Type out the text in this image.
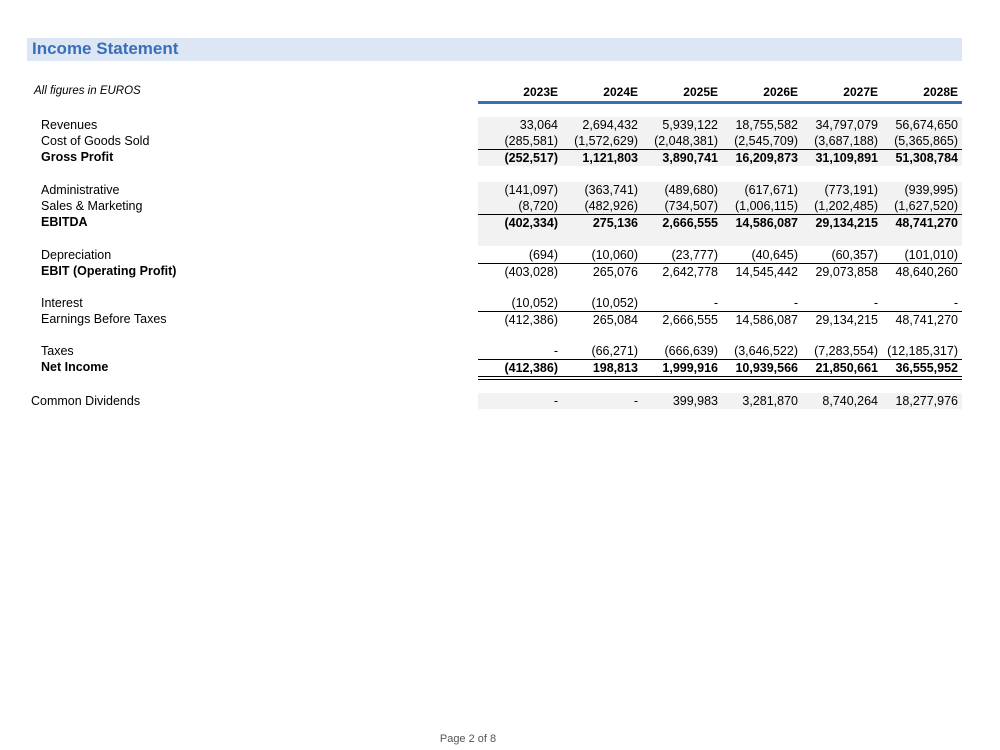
Income Statement
All figures in EUROS	2023E	2024E	2025E	2026E	2027E	2028E
Revenues	33,064	2,694,432	5,939,122	18,755,582	34,797,079	56,674,650
Cost of Goods Sold	(285,581)	(1,572,629)	(2,048,381)	(2,545,709)	(3,687,188)	(5,365,865)
Gross Profit	(252,517)	1,121,803	3,890,741	16,209,873	31,109,891	51,308,784
Administrative	(141,097)	(363,741)	(489,680)	(617,671)	(773,191)	(939,995)
Sales & Marketing	(8,720)	(482,926)	(734,507)	(1,006,115)	(1,202,485)	(1,627,520)
EBITDA	(402,334)	275,136	2,666,555	14,586,087	29,134,215	48,741,270
Depreciation	(694)	(10,060)	(23,777)	(40,645)	(60,357)	(101,010)
EBIT (Operating Profit)	(403,028)	265,076	2,642,778	14,545,442	29,073,858	48,640,260
Interest	(10,052)	(10,052)	-	-	-	-
Earnings Before Taxes	(412,386)	265,084	2,666,555	14,586,087	29,134,215	48,741,270
Taxes	-	(66,271)	(666,639)	(3,646,522)	(7,283,554) (12,185,317)
Net Income	(412,386)	198,813	1,999,916	10,939,566	21,850,661	36,555,952
Common Dividends	-	-	399,983	3,281,870	8,740,264	18,277,976
Page 2 of 8
